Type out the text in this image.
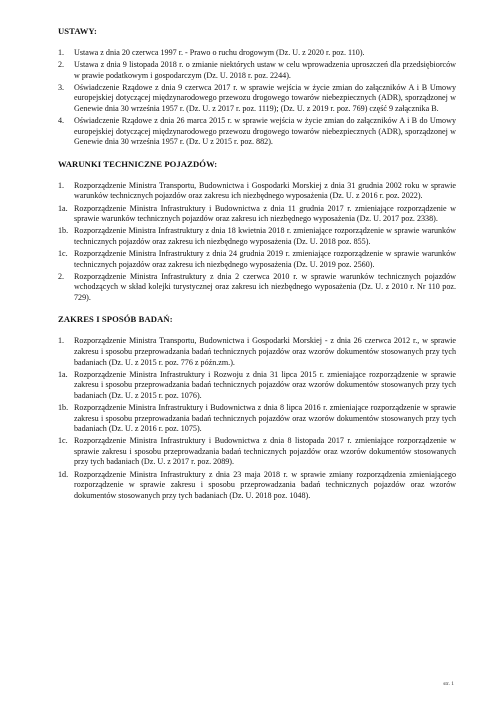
USTAWY:
1.	Ustawa z dnia 20 czerwca 1997 r. - Prawo o ruchu drogowym (Dz. U. z 2020 r. poz. 110).
2.	Ustawa z dnia 9 listopada 2018 r. o zmianie niektórych ustaw w celu wprowadzenia uproszczeń dla przedsiębiorców w prawie podatkowym i gospodarczym (Dz. U. 2018 r. poz. 2244).
3.	Oświadczenie Rządowe z dnia 9 czerwca 2017 r. w sprawie wejścia w życie zmian do załączników A i B Umowy europejskiej dotyczącej międzynarodowego przewozu drogowego towarów niebezpiecznych (ADR), sporządzonej w Genewie dnia 30 września 1957 r. (Dz. U. z 2017 r. poz. 1119); (Dz. U. z 2019 r. poz. 769) część 9 załącznika B.
4.	Oświadczenie Rządowe z dnia 26 marca 2015 r. w sprawie wejścia w życie zmian do załączników A i B do Umowy europejskiej dotyczącej międzynarodowego przewozu drogowego towarów niebezpiecznych (ADR), sporządzonej w Genewie dnia 30 września 1957 r. (Dz. U z 2015 r. poz. 882).
WARUNKI TECHNICZNE POJAZDÓW:
1.	Rozporządzenie Ministra Transportu, Budownictwa i Gospodarki Morskiej z dnia 31 grudnia 2002 roku w sprawie warunków technicznych pojazdów oraz zakresu ich niezbędnego wyposażenia (Dz. U. z 2016 r. poz. 2022).
1a. Rozporządzenie Ministra Infrastruktury i Budownictwa z dnia 11 grudnia 2017 r. zmieniające rozporządzenie w sprawie warunków technicznych pojazdów oraz zakresu ich niezbędnego wyposażenia (Dz. U. 2017 poz. 2338).
1b. Rozporządzenie Ministra Infrastruktury z dnia 18 kwietnia 2018 r. zmieniające rozporządzenie w sprawie warunków technicznych pojazdów oraz zakresu ich niezbędnego wyposażenia (Dz. U. 2018 poz. 855).
1c. Rozporządzenie Ministra Infrastruktury z dnia 24 grudnia 2019 r. zmieniające rozporządzenie w sprawie warunków technicznych pojazdów oraz zakresu ich niezbędnego wyposażenia (Dz. U. 2019 poz. 2560).
2.	Rozporządzenie Ministra Infrastruktury z dnia 2 czerwca 2010 r. w sprawie warunków technicznych pojazdów wchodzących w skład kolejki turystycznej oraz zakresu ich niezbędnego wyposażenia (Dz. U. z 2010 r. Nr 110 poz. 729).
ZAKRES I SPOSÓB BADAŃ:
1.	Rozporządzenie Ministra Transportu, Budownictwa i Gospodarki Morskiej - z dnia 26 czerwca 2012 r., w sprawie zakresu i sposobu przeprowadzania badań technicznych pojazdów oraz wzorów dokumentów stosowanych przy tych badaniach (Dz. U. z 2015 r. poz. 776 z późn.zm.).
1a. Rozporządzenie Ministra Infrastruktury i Rozwoju z dnia 31 lipca 2015 r. zmieniające rozporządzenie w sprawie zakresu i sposobu przeprowadzania badań technicznych pojazdów oraz wzorów dokumentów stosowanych przy tych badaniach (Dz. U. z 2015 r. poz. 1076).
1b. Rozporządzenie Ministra Infrastruktury i Budownictwa z dnia 8 lipca 2016 r. zmieniające rozporządzenie w sprawie zakresu i sposobu przeprowadzania badań technicznych pojazdów oraz wzorów dokumentów stosowanych przy tych badaniach (Dz. U. z 2016 r. poz. 1075).
1c. Rozporządzenie Ministra Infrastruktury i Budownictwa z dnia 8 listopada 2017 r. zmieniające rozporządzenie w sprawie zakresu i sposobu przeprowadzania badań technicznych pojazdów oraz wzorów dokumentów stosowanych przy tych badaniach (Dz. U. z 2017 r. poz. 2089).
1d. Rozporządzenie Ministra Infrastruktury z dnia 23 maja 2018 r. w sprawie zmiany rozporządzenia zmieniającego rozporządzenie w sprawie zakresu i sposobu przeprowadzania badań technicznych pojazdów oraz wzorów dokumentów stosowanych przy tych badaniach (Dz. U. 2018 poz. 1048).
str. 1
